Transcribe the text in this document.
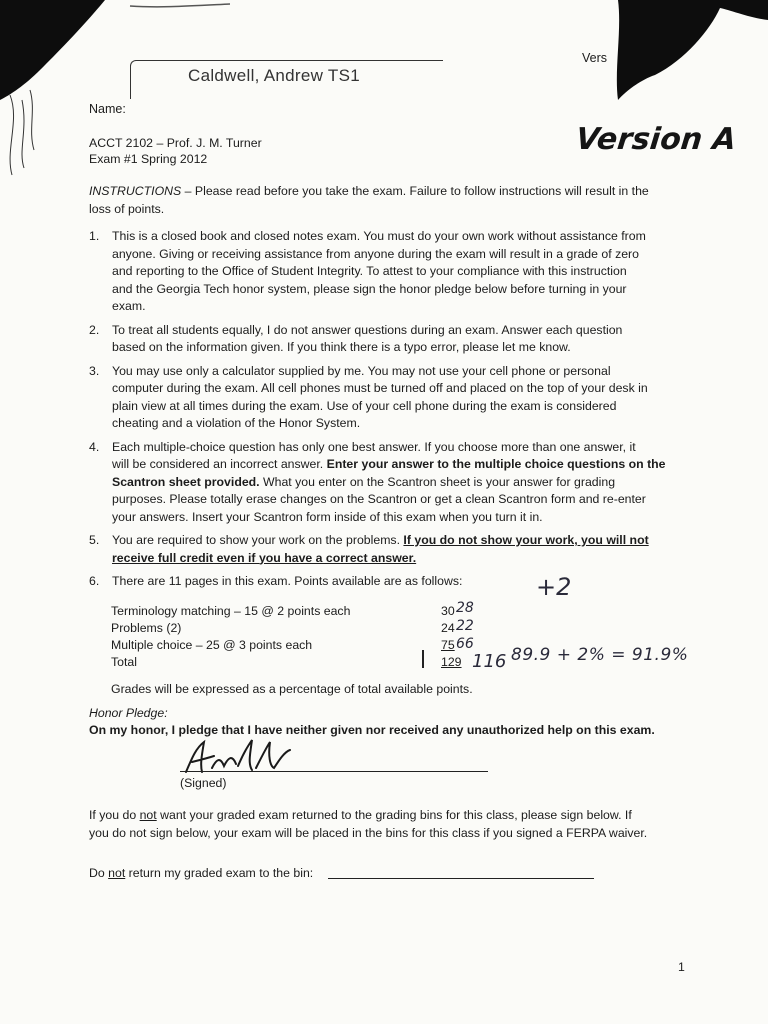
Vers
Caldwell, Andrew TS1
Name:
Version A
ACCT 2102 – Prof. J. M. Turner
Exam #1 Spring 2012
INSTRUCTIONS – Please read before you take the exam. Failure to follow instructions will result in the
loss of points.
1. This is a closed book and closed notes exam. You must do your own work without assistance from
anyone. Giving or receiving assistance from anyone during the exam will result in a grade of zero
and reporting to the Office of Student Integrity. To attest to your compliance with this instruction
and the Georgia Tech honor system, please sign the honor pledge below before turning in your
exam.
2. To treat all students equally, I do not answer questions during an exam. Answer each question
based on the information given. If you think there is a typo error, please let me know.
3. You may use only a calculator supplied by me. You may not use your cell phone or personal
computer during the exam. All cell phones must be turned off and placed on the top of your desk in
plain view at all times during the exam. Use of your cell phone during the exam is considered
cheating and a violation of the Honor System.
4. Each multiple-choice question has only one best answer. If you choose more than one answer, it
will be considered an incorrect answer. Enter your answer to the multiple choice questions on the
Scantron sheet provided. What you enter on the Scantron sheet is your answer for grading
purposes. Please totally erase changes on the Scantron or get a clean Scantron form and re-enter
your answers. Insert your Scantron form inside of this exam when you turn it in.
5. You are required to show your work on the problems. If you do not show your work, you will not
receive full credit even if you have a correct answer.
6. There are 11 pages in this exam. Points available are as follows:
Terminology matching – 15 @ 2 points each	30
Problems (2)	24
Multiple choice – 25 @ 3 points each	75
Total	129
+2
28
22
66
116 89.9 + 2% = 91.9%
Grades will be expressed as a percentage of total available points.
Honor Pledge:
On my honor, I pledge that I have neither given nor received any unauthorized help on this exam.
(Signed)
If you do not want your graded exam returned to the grading bins for this class, please sign below. If
you do not sign below, your exam will be placed in the bins for this class if you signed a FERPA waiver.
Do not return my graded exam to the bin:
1
